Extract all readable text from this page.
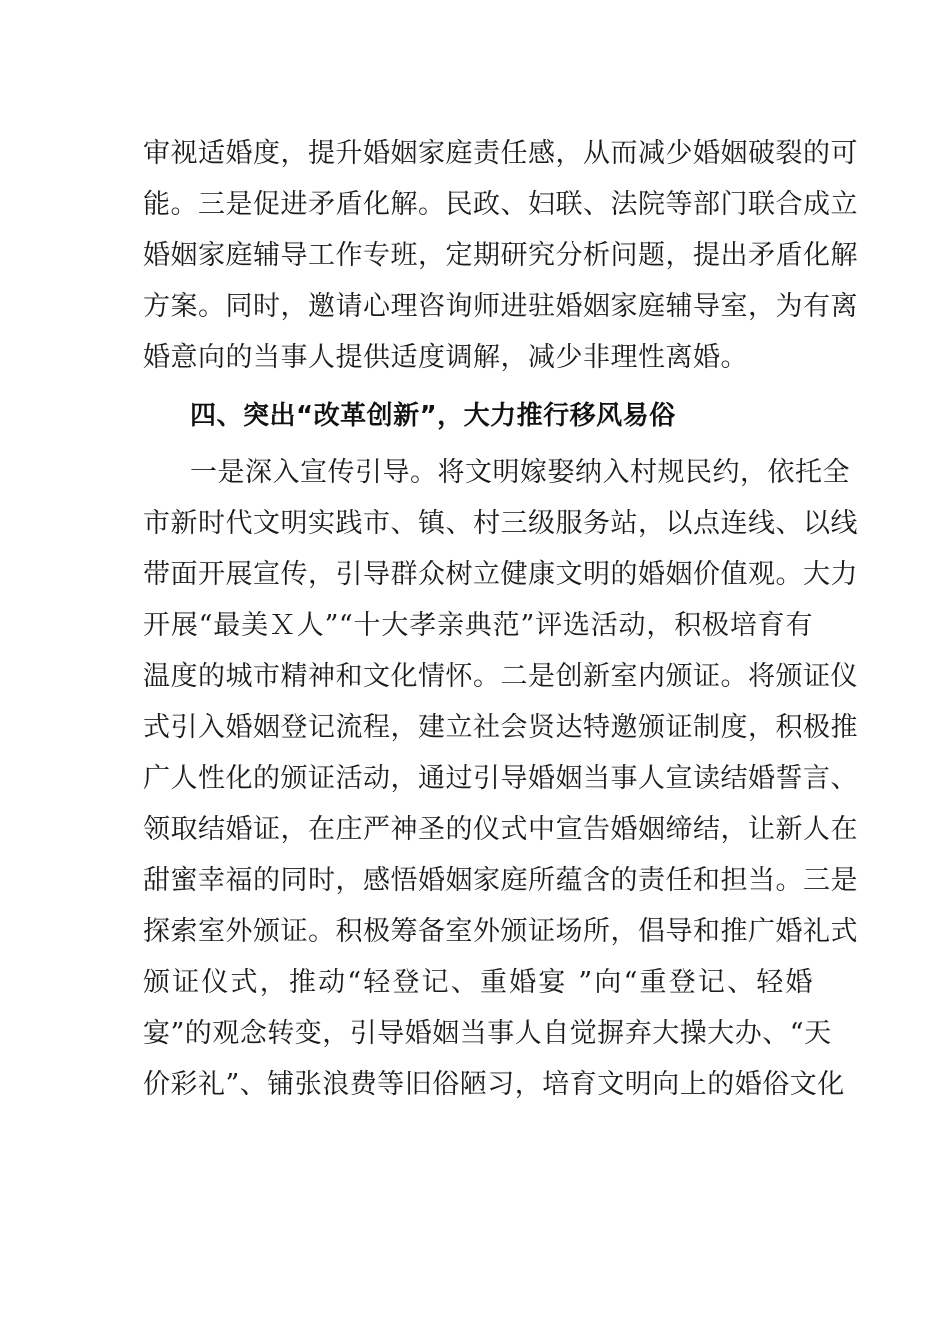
审视适婚度，提升婚姻家庭责任感，从而减少婚姻破裂的可
能。三是促进矛盾化解。民政、妇联、法院等部门联合成立
婚姻家庭辅导工作专班，定期研究分析问题，提出矛盾化解
方案。同时，邀请心理咨询师进驻婚姻家庭辅导室，为有离
婚意向的当事人提供适度调解，减少非理性离婚。
四、突出“改革创新”，大力推行移风易俗
一是深入宣传引导。将文明嫁娶纳入村规民约，依托全
市新时代文明实践市、镇、村三级服务站，以点连线、以线
带面开展宣传，引导群众树立健康文明的婚姻价值观。大力
开展“最美Ｘ人”“十大孝亲典范”评选活动，积极培育有
温度的城市精神和文化情怀。二是创新室内颁证。将颁证仪
式引入婚姻登记流程，建立社会贤达特邀颁证制度，积极推
广人性化的颁证活动，通过引导婚姻当事人宣读结婚誓言、
领取结婚证，在庄严神圣的仪式中宣告婚姻缔结，让新人在
甜蜜幸福的同时，感悟婚姻家庭所蕴含的责任和担当。三是
探索室外颁证。积极筹备室外颁证场所，倡导和推广婚礼式
颁证仪式，推动“轻登记、重婚宴 ”向“重登记、轻婚
宴”的观念转变，引导婚姻当事人自觉摒弃大操大办、“天
价彩礼”、铺张浪费等旧俗陋习，培育文明向上的婚俗文化
